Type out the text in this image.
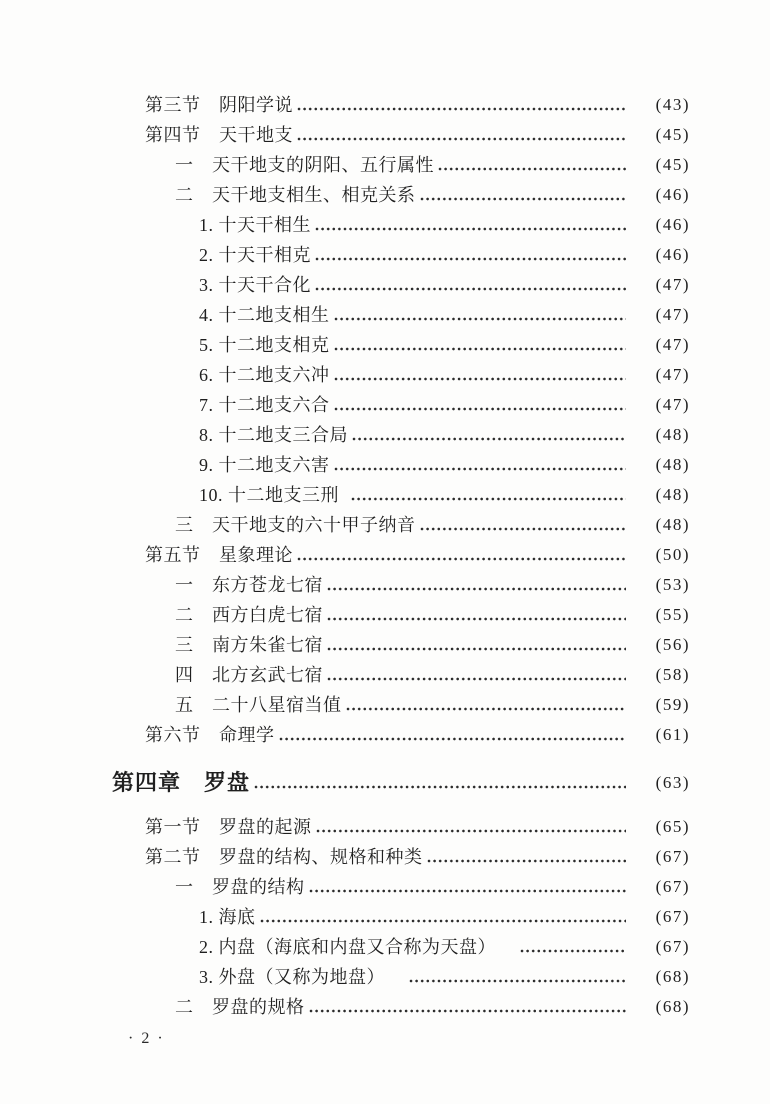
第三节　阴阳学说	(43)
第四节　天干地支	(45)
一　天干地支的阴阳、五行属性	(45)
二　天干地支相生、相克关系	(46)
1. 十天干相生	(46)
2. 十天干相克	(46)
3. 十天干合化	(47)
4. 十二地支相生	(47)
5. 十二地支相克	(47)
6. 十二地支六冲	(47)
7. 十二地支六合	(47)
8. 十二地支三合局	(48)
9. 十二地支六害	(48)
10. 十二地支三刑	(48)
三　天干地支的六十甲子纳音	(48)
第五节　星象理论	(50)
一　东方苍龙七宿	(53)
二　西方白虎七宿	(55)
三　南方朱雀七宿	(56)
四　北方玄武七宿	(58)
五　二十八星宿当值	(59)
第六节　命理学	(61)
第四章　罗盘	(63)
第一节　罗盘的起源	(65)
第二节　罗盘的结构、规格和种类	(67)
一　罗盘的结构	(67)
1. 海底	(67)
2. 内盘（海底和内盘又合称为天盘）	(67)
3. 外盘（又称为地盘）	(68)
二　罗盘的规格	(68)
· 2 ·
